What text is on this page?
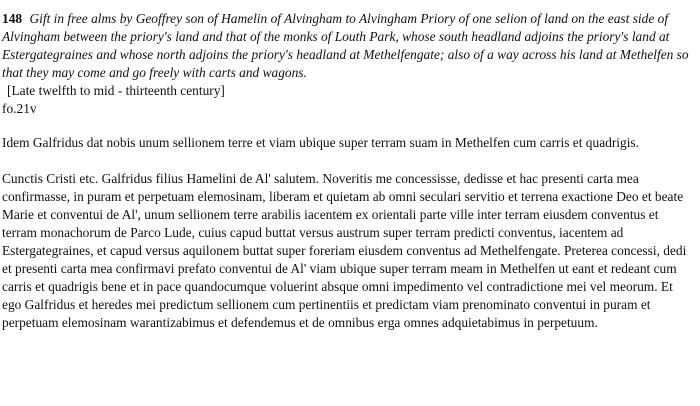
148 Gift in free alms by Geoffrey son of Hamelin of Alvingham to Alvingham Priory of one selion of land on the east side of Alvingham between the priory's land and that of the monks of Louth Park, whose south headland adjoins the priory's land at Estergategraines and whose north adjoins the priory's headland at Methelfengate; also of a way across his land at Methelfen so that they may come and go freely with carts and wagons.

[Late twelfth to mid - thirteenth century]

fo.21v

Idem Galfridus dat nobis unum sellionem terre et viam ubique super terram suam in Methelfen cum carris et quadrigis.

Cunctis Cristi etc. Galfridus filius Hamelini de Al' salutem. Noveritis me concessisse, dedisse et hac presenti carta mea confirmasse, in puram et perpetuam elemosinam, liberam et quietam ab omni seculari servitio et terrena exactione Deo et beate Marie et conventui de Al', unum sellionem terre arabilis iacentem ex orientali parte ville inter terram eiusdem conventus et terram monachorum de Parco Lude, cuius capud buttat versus austrum super terram predicti conventus, iacentem ad Estergategraines, et capud versus aquilonem buttat super foreriam eiusdem conventus ad Methelfengate. Preterea concessi, dedi et presenti carta mea confirmavi prefato conventui de Al' viam ubique super terram meam in Methelfen ut eant et redeant cum carris et quadrigis bene et in pace quandocumque voluerint absque omni impedimento vel contradictione mei vel meorum. Et ego Galfridus et heredes mei predictum sellionem cum pertinentiis et predictam viam prenominato conventui in puram et perpetuam elemosinam warantizabimus et defendemus et de omnibus erga omnes adquietabimus in perpetuum.
